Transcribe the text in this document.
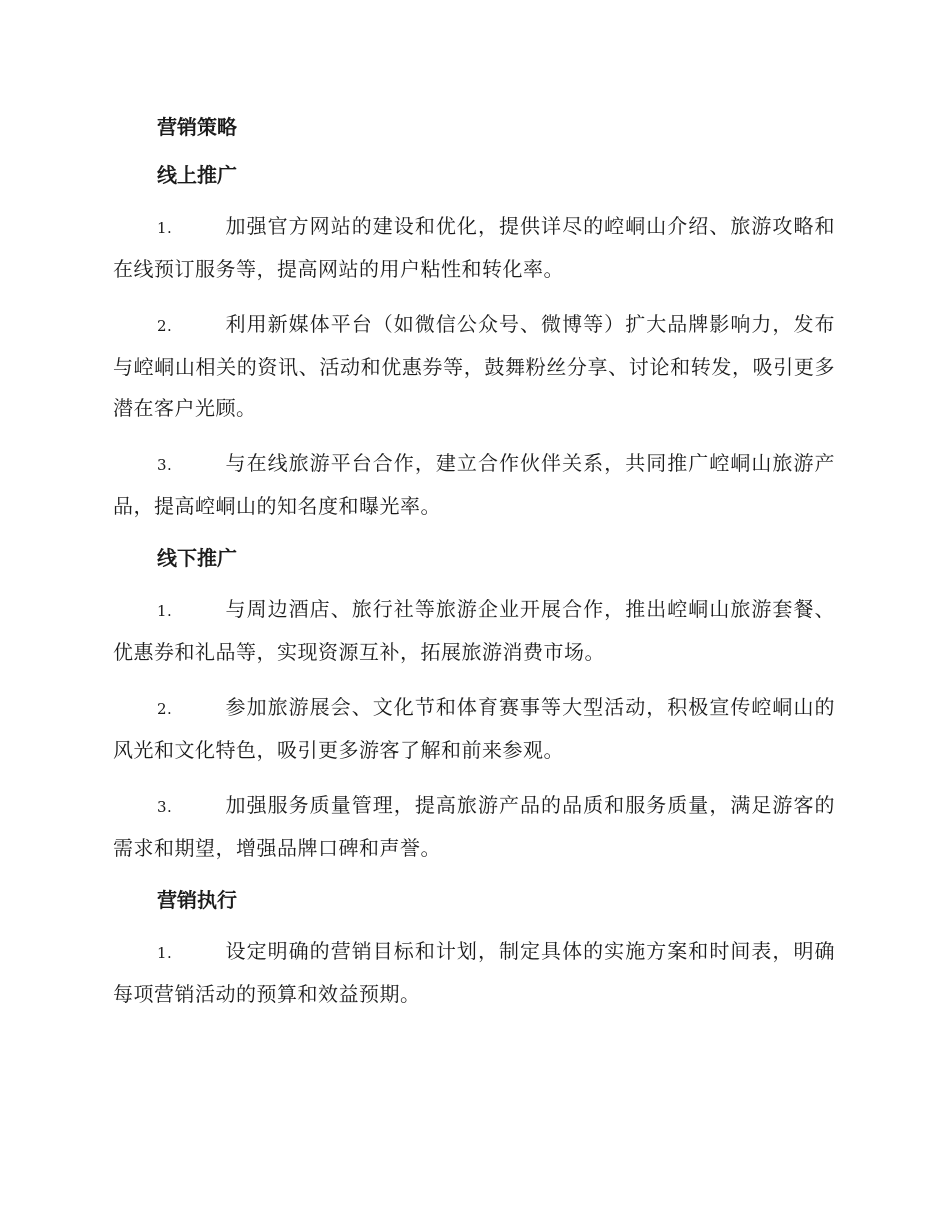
营销策略
线上推广

1.	加强官方网站的建设和优化，提供详尽的崆峒山介绍、旅游攻略和在线预订服务等，提高网站的用户粘性和转化率。

2.	利用新媒体平台（如微信公众号、微博等）扩大品牌影响力，发布与崆峒山相关的资讯、活动和优惠券等，鼓舞粉丝分享、讨论和转发，吸引更多潜在客户光顾。

3.	与在线旅游平台合作，建立合作伙伴关系，共同推广崆峒山旅游产品，提高崆峒山的知名度和曝光率。

线下推广

1.	与周边酒店、旅行社等旅游企业开展合作，推出崆峒山旅游套餐、优惠券和礼品等，实现资源互补，拓展旅游消费市场。

2.	参加旅游展会、文化节和体育赛事等大型活动，积极宣传崆峒山的风光和文化特色，吸引更多游客了解和前来参观。

3.	加强服务质量管理，提高旅游产品的品质和服务质量，满足游客的需求和期望，增强品牌口碑和声誉。

营销执行

1.	设定明确的营销目标和计划，制定具体的实施方案和时间表，明确每项营销活动的预算和效益预期。
